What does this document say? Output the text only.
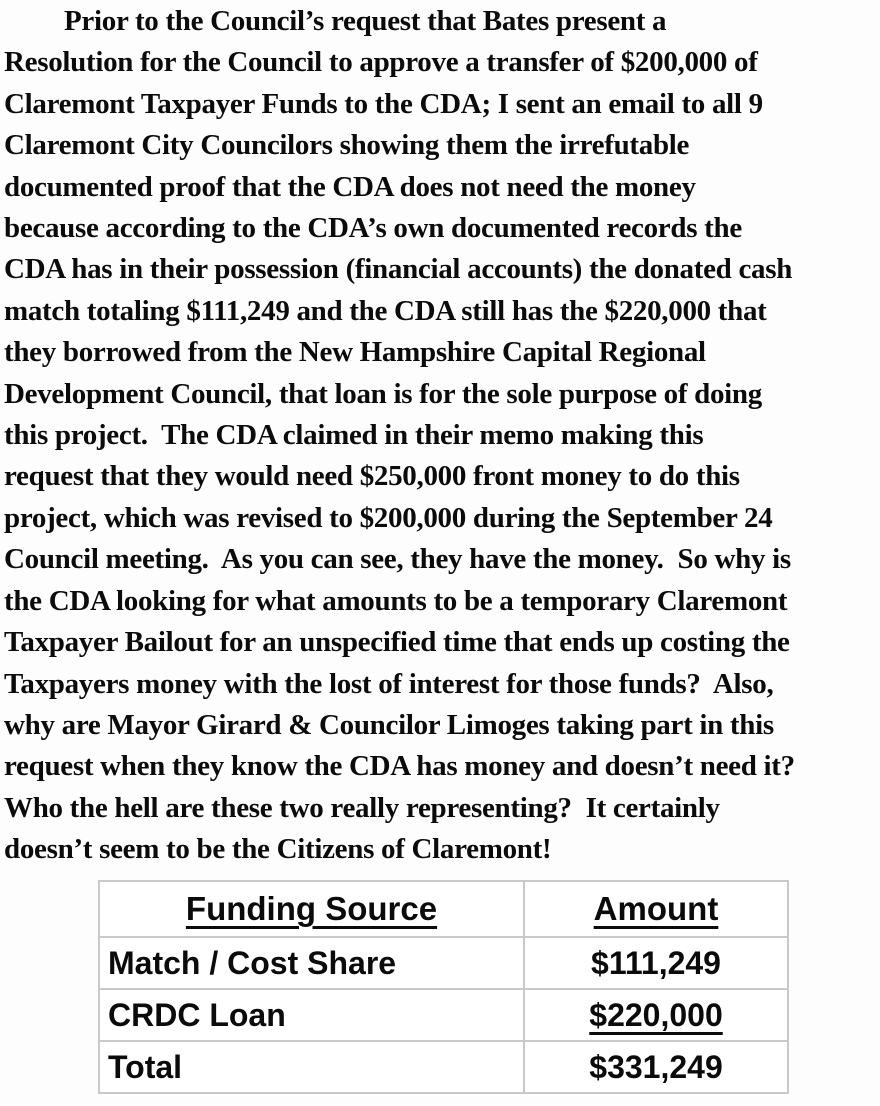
Prior to the Council’s request that Bates present a
Resolution for the Council to approve a transfer of $200,000 of
Claremont Taxpayer Funds to the CDA; I sent an email to all 9
Claremont City Councilors showing them the irrefutable
documented proof that the CDA does not need the money
because according to the CDA’s own documented records the
CDA has in their possession (financial accounts) the donated cash
match totaling $111,249 and the CDA still has the $220,000 that
they borrowed from the New Hampshire Capital Regional
Development Council, that loan is for the sole purpose of doing
this project.  The CDA claimed in their memo making this
request that they would need $250,000 front money to do this
project, which was revised to $200,000 during the September 24
Council meeting.  As you can see, they have the money.  So why is
the CDA looking for what amounts to be a temporary Claremont
Taxpayer Bailout for an unspecified time that ends up costing the
Taxpayers money with the lost of interest for those funds?  Also,
why are Mayor Girard & Councilor Limoges taking part in this
request when they know the CDA has money and doesn’t need it?
Who the hell are these two really representing?  It certainly
doesn’t seem to be the Citizens of Claremont!
Funding Source	Amount
Match / Cost Share	$111,249
CRDC Loan	$220,000
Total	$331,249
